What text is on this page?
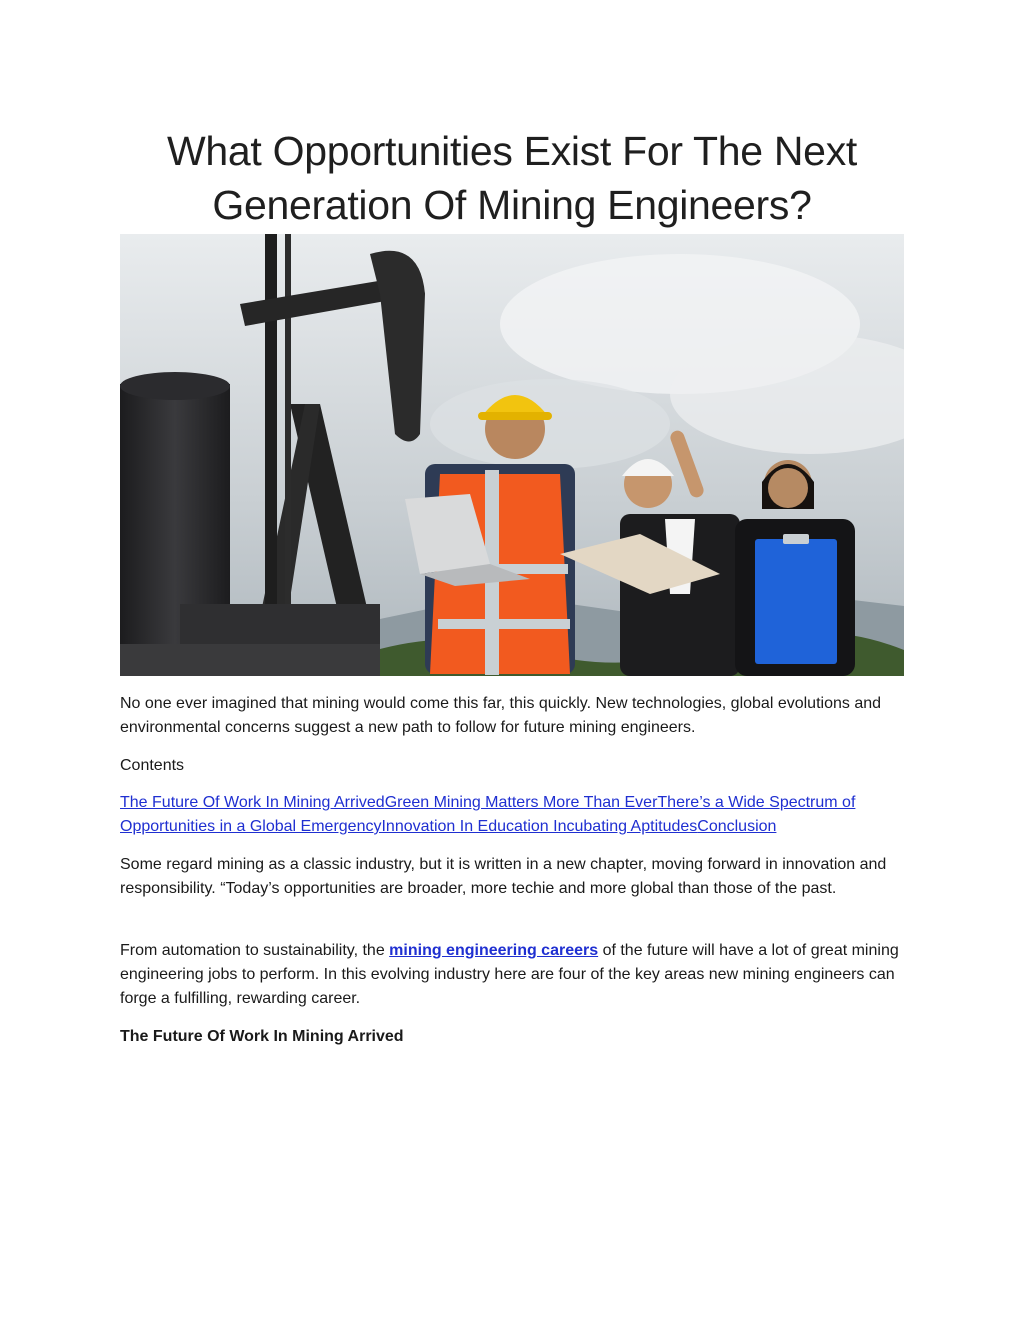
What Opportunities Exist For The Next
Generation Of Mining Engineers?

No one ever imagined that mining would come this far, this quickly. New technologies, global evolutions and environmental concerns suggest a new path to follow for future mining engineers.

Contents

The Future Of Work In Mining ArrivedGreen Mining Matters More Than EverThere’s a Wide Spectrum of Opportunities in a Global EmergencyInnovation In Education Incubating AptitudesConclusion

Some regard mining as a classic industry, but it is written in a new chapter, moving forward in innovation and responsibility. “Today’s opportunities are broader, more techie and more global than those of the past.

From automation to sustainability, the mining engineering careers of the future will have a lot of great mining engineering jobs to perform. In this evolving industry here are four of the key areas new mining engineers can forge a fulfilling, rewarding career.

The Future Of Work In Mining Arrived
